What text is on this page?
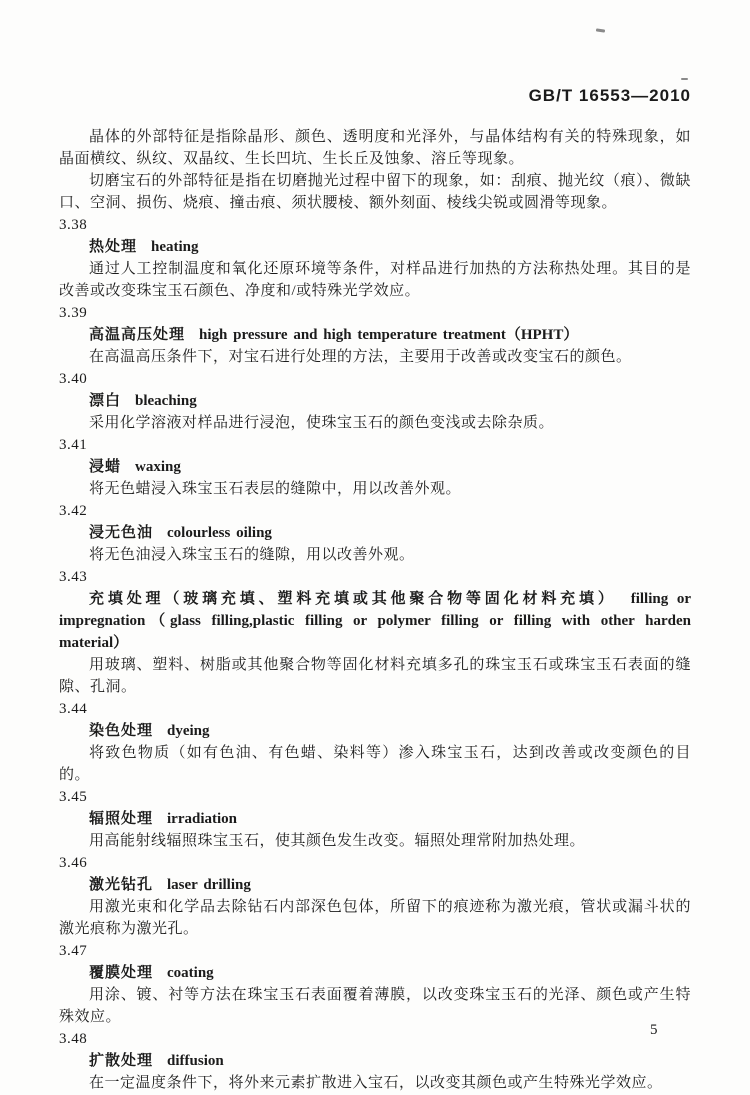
GB/T 16553—2010

晶体的外部特征是指除晶形、颜色、透明度和光泽外，与晶体结构有关的特殊现象，如晶面横纹、纵纹、双晶纹、生长凹坑、生长丘及蚀象、溶丘等现象。

切磨宝石的外部特征是指在切磨抛光过程中留下的现象，如：刮痕、抛光纹（痕）、微缺口、空洞、损伤、烧痕、撞击痕、须状腰棱、额外刻面、棱线尖锐或圆滑等现象。

3.38
热处理 heating

通过人工控制温度和氧化还原环境等条件，对样品进行加热的方法称热处理。其目的是改善或改变珠宝玉石颜色、净度和/或特殊光学效应。

3.39
高温高压处理 high pressure and high temperature treatment（HPHT）

在高温高压条件下，对宝石进行处理的方法，主要用于改善或改变宝石的颜色。

3.40
漂白 bleaching

采用化学溶液对样品进行浸泡，使珠宝玉石的颜色变浅或去除杂质。

3.41
浸蜡 waxing

将无色蜡浸入珠宝玉石表层的缝隙中，用以改善外观。

3.42
浸无色油 colourless oiling

将无色油浸入珠宝玉石的缝隙，用以改善外观。

3.43
充填处理（玻璃充填、塑料充填或其他聚合物等固化材料充填） filling or impregnation（glass filling,plastic filling or polymer filling or filling with other harden material）

用玻璃、塑料、树脂或其他聚合物等固化材料充填多孔的珠宝玉石或珠宝玉石表面的缝隙、孔洞。

3.44
染色处理 dyeing

将致色物质（如有色油、有色蜡、染料等）渗入珠宝玉石，达到改善或改变颜色的目的。

3.45
辐照处理 irradiation

用高能射线辐照珠宝玉石，使其颜色发生改变。辐照处理常附加热处理。

3.46
激光钻孔 laser drilling

用激光束和化学品去除钻石内部深色包体，所留下的痕迹称为激光痕，管状或漏斗状的激光痕称为激光孔。

3.47
覆膜处理 coating

用涂、镀、衬等方法在珠宝玉石表面覆着薄膜，以改变珠宝玉石的光泽、颜色或产生特殊效应。

3.48
扩散处理 diffusion

在一定温度条件下，将外来元素扩散进入宝石，以改变其颜色或产生特殊光学效应。

5
